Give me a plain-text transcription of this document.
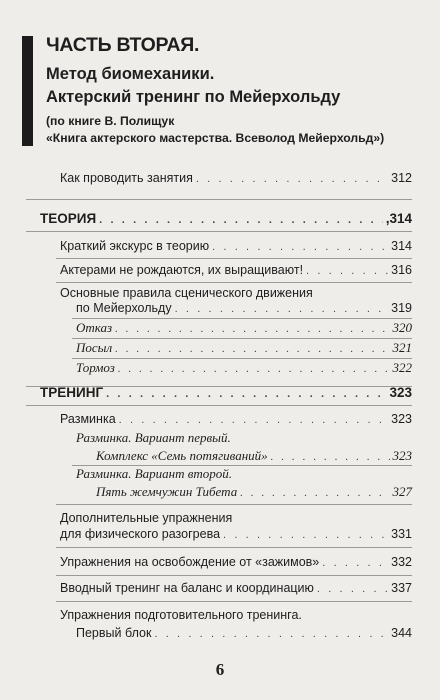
ЧАСТЬ ВТОРАЯ.
Метод биомеханики.
Актерский тренинг по Мейерхольду
(по книге В. Полищук
«Книга актерского мастерства. Всеволод Мейерхольд»)
Как проводить занятия . . .	312
ТЕОРИЯ . . .	,314
Краткий экскурс в теорию . . .	314
Актерами не рождаются, их выращивают! . . .	316
Основные правила сценического движения
по Мейерхольду . . .	319
Отказ . . .	320
Посыл . . .	321
Тормоз . . .	322
ТРЕНИНГ . . .	323
Разминка . . .	323
Разминка. Вариант первый.
Комплекс «Семь потягиваний» . . .	323
Разминка. Вариант второй.
Пять жемчужин Тибета . . .	327
Дополнительные упражнения
для физического разогрева . . .	331
Упражнения на освобождение от «зажимов» . . .	332
Вводный тренинг на баланс и координацию . . .	337
Упражнения подготовительного тренинга.
Первый блок . . .	344
6
